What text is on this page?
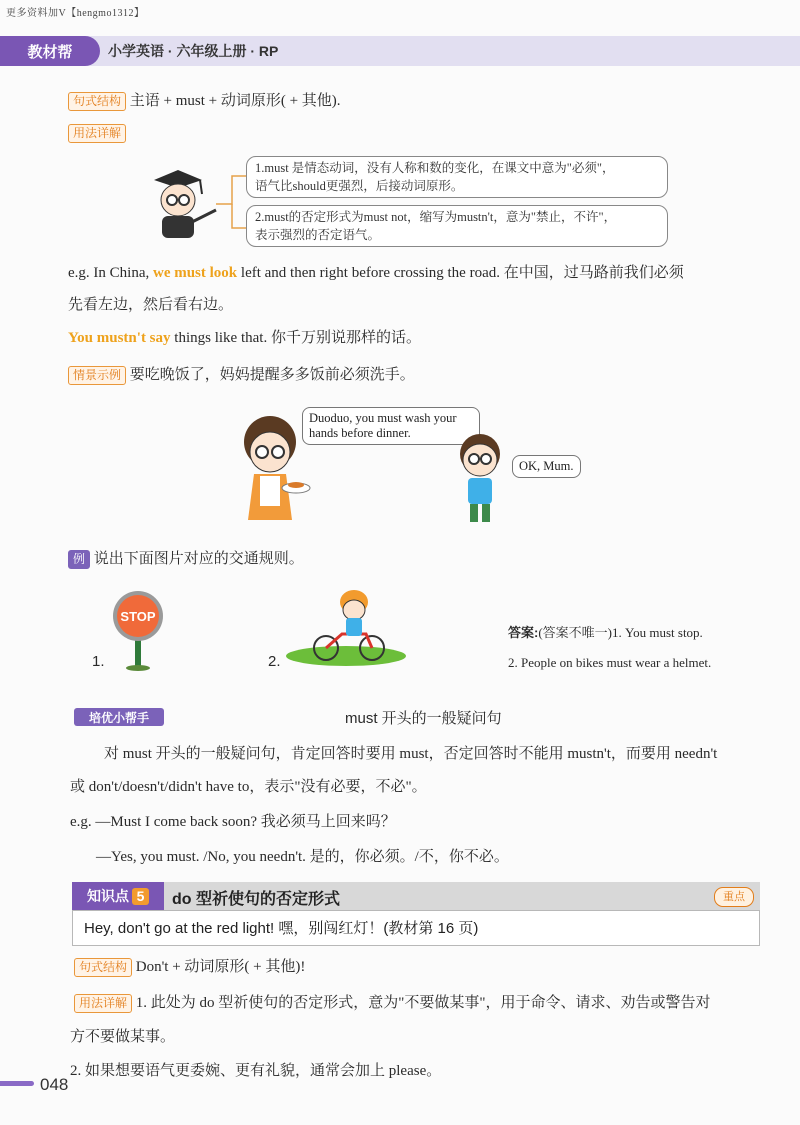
更多资料加V【hengmo1312】
教材帮	小学英语 · 六年级上册 · RP
句式结构 主语 + must + 动词原形( + 其他).
用法详解
1.must 是情态动词，没有人称和数的变化，在课文中意为"必须"，
语气比should更强烈，后接动词原形。
2.must的否定形式为must not，缩写为mustn't，意为"禁止，不许"，
表示强烈的否定语气。
e.g. In China, we must look left and then right before crossing the road. 在中国，过马路前我们必须
先看左边，然后看右边。
You mustn't say things like that. 你千万别说那样的话。
情景示例 要吃晚饭了，妈妈提醒多多饭前必须洗手。
Duoduo, you must wash your
hands before dinner.
OK, Mum.
例 说出下面图片对应的交通规则。
STOP
1.	2.
答案:(答案不唯一)1. You must stop.
2. People on bikes must wear a helmet.
培优小帮手	must 开头的一般疑问句
对 must 开头的一般疑问句，肯定回答时要用 must，否定回答时不能用 mustn't，而要用 needn't
或 don't/doesn't/didn't have to，表示"没有必要，不必"。
e.g. —Must I come back soon? 我必须马上回来吗？
—Yes, you must. /No, you needn't. 是的，你必须。/不，你不必。
知识点 5 do 型祈使句的否定形式	重点
Hey, don't go at the red light! 嘿，别闯红灯！(教材第 16 页)
句式结构 Don't + 动词原形( + 其他)!
用法详解 1. 此处为 do 型祈使句的否定形式，意为"不要做某事"，用于命令、请求、劝告或警告对
方不要做某事。
2. 如果想要语气更委婉、更有礼貌，通常会加上 please。
048
